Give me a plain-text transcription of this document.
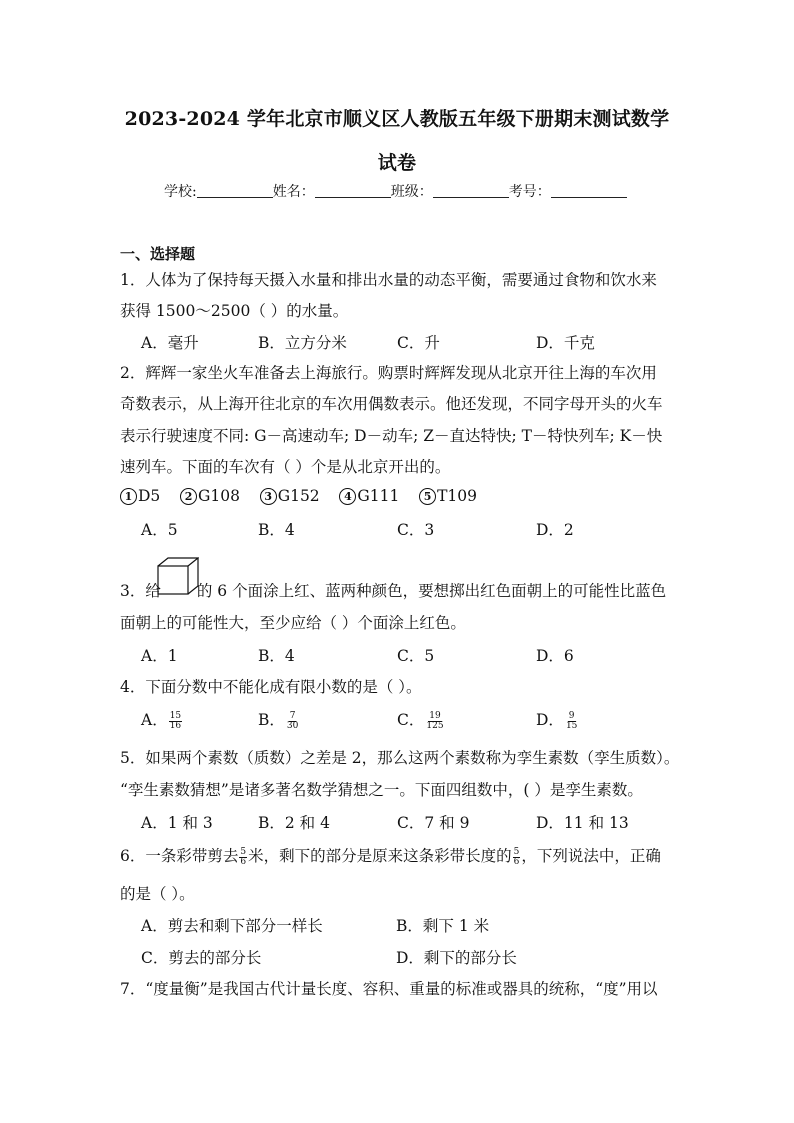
2023-2024 学年北京市顺义区人教版五年级下册期末测试数学
试卷
学校:	姓名：	班级：	考号：
一、选择题
1．人体为了保持每天摄入水量和排出水量的动态平衡，需要通过食物和饮水来
获得 1500～2500（ ）的水量。
A．毫升	B．立方分米	C．升	D．千克
2．辉辉一家坐火车准备去上海旅行。购票时辉辉发现从北京开往上海的车次用
奇数表示，从上海开往北京的车次用偶数表示。他还发现，不同字母开头的火车
表示行驶速度不同: G－高速动车; D－动车; Z－直达特快; T－特快列车; K－快
速列车。下面的车次有（ ）个是从北京开出的。
1 D5 2 G108 3 G152 4 G111 5 T109
A．5	B．4	C．3	D．2
3．给 的 6 个面涂上红、蓝两种颜色，要想掷出红色面朝上的可能性比蓝色
面朝上的可能性大，至少应给（ ）个面涂上红色。
A．1	B．4	C．5	D．6
4．下面分数中不能化成有限小数的是（ ）。
A． $\frac{15}{16}$	B． $\frac{7}{30}$	C． $\frac{19}{125}$	D． $\frac{9}{15}$
5．如果两个素数（质数）之差是 2，那么这两个素数称为孪生素数（孪生质数）。
“孪生素数猜想”是诸多著名数学猜想之一。下面四组数中，( ）是孪生素数。
A．1 和 3	B．2 和 4	C．7 和 9	D．11 和 13
6．一条彩带剪去 $\frac{5}{6}$ 米，剩下的部分是原来这条彩带长度的 $\frac{5}{6}$ ，下列说法中，正确
的是（ ）。
A．剪去和剩下部分一样长	B．剩下 1 米
C．剪去的部分长	D．剩下的部分长
7．“度量衡”是我国古代计量长度、容积、重量的标准或器具的统称，“度”用以
